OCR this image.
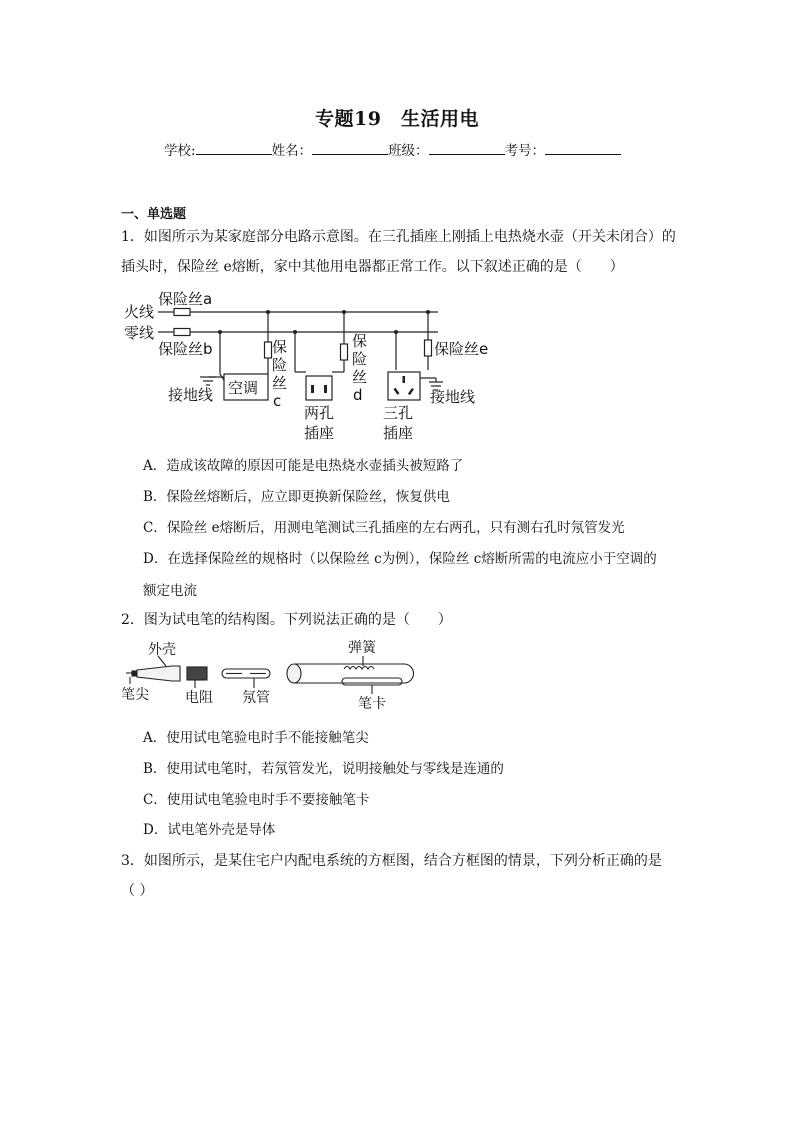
专题19　生活用电
学校:	姓名：	班级：	考号：
一、单选题
1．如图所示为某家庭部分电路示意图。在三孔插座上刚插上电热烧水壶（开关未闭合）的
插头时，保险丝 e熔断，家中其他用电器都正常工作。以下叙述正确的是（　　）
保险丝a
火线
零线
保险丝b
接地线 空调
保
险
丝
c
保
险
丝
d
两孔
插座
三孔
插座
保险丝e
接地线
A．造成该故障的原因可能是电热烧水壶插头被短路了
B．保险丝熔断后，应立即更换新保险丝，恢复供电
C．保险丝 e熔断后，用测电笔测试三孔插座的左右两孔，只有测右孔时氖管发光
D．在选择保险丝的规格时（以保险丝 c为例），保险丝 c熔断所需的电流应小于空调的
额定电流
2．图为试电笔的结构图。下列说法正确的是（　　）
外壳
笔尖	电阻 氖管
弹簧
笔卡
A．使用试电笔验电时手不能接触笔尖
B．使用试电笔时，若氖管发光，说明接触处与零线是连通的
C．使用试电笔验电时手不要接触笔卡
D．试电笔外壳是导体
3．如图所示，是某住宅户内配电系统的方框图，结合方框图的情景，下列分析正确的是
（ ）
